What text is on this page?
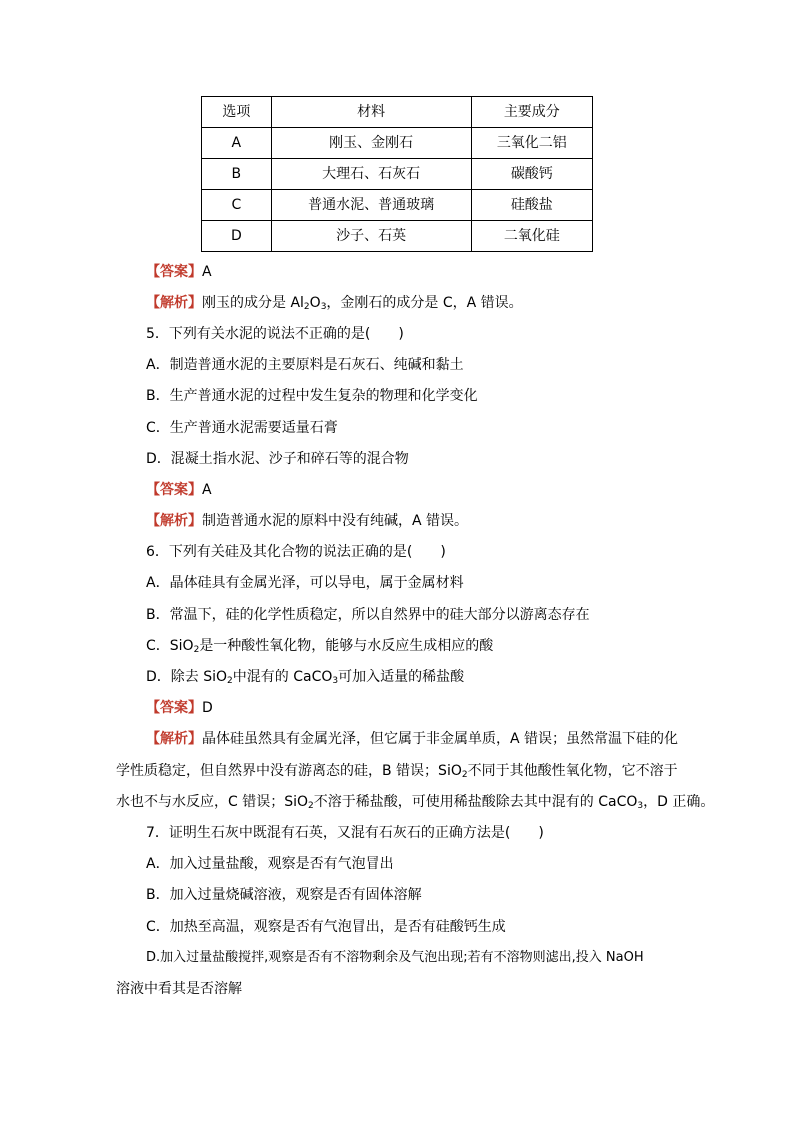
选项	材料	主要成分
A	刚玉、金刚石	三氧化二铝
B	大理石、石灰石	碳酸钙
C	普通水泥、普通玻璃	硅酸盐
D	沙子、石英	二氧化硅
【答案】A
【解析】刚玉的成分是 $Al_2O_3$，金刚石的成分是 C，A 错误。
5．下列有关水泥的说法不正确的是(　　)
A．制造普通水泥的主要原料是石灰石、纯碱和黏土
B．生产普通水泥的过程中发生复杂的物理和化学变化
C．生产普通水泥需要适量石膏
D．混凝土指水泥、沙子和碎石等的混合物
【答案】A
【解析】制造普通水泥的原料中没有纯碱，A 错误。
6．下列有关硅及其化合物的说法正确的是(　　)
A．晶体硅具有金属光泽，可以导电，属于金属材料
B．常温下，硅的化学性质稳定，所以自然界中的硅大部分以游离态存在
C．SiO$_2$是一种酸性氧化物，能够与水反应生成相应的酸
D．除去 SiO$_2$中混有的 CaCO$_3$可加入适量的稀盐酸
【答案】D
【解析】晶体硅虽然具有金属光泽，但它属于非金属单质，A 错误；虽然常温下硅的化
学性质稳定，但自然界中没有游离态的硅，B 错误；SiO$_2$不同于其他酸性氧化物，它不溶于
水也不与水反应，C 错误；SiO$_2$不溶于稀盐酸，可使用稀盐酸除去其中混有的 CaCO$_3$，D 正确。
7．证明生石灰中既混有石英，又混有石灰石的正确方法是(　　)
A．加入过量盐酸，观察是否有气泡冒出
B．加入过量烧碱溶液，观察是否有固体溶解
C．加热至高温，观察是否有气泡冒出，是否有硅酸钙生成
D.加入过量盐酸搅拌,观察是否有不溶物剩余及气泡出现;若有不溶物则滤出,投入 NaOH
溶液中看其是否溶解
